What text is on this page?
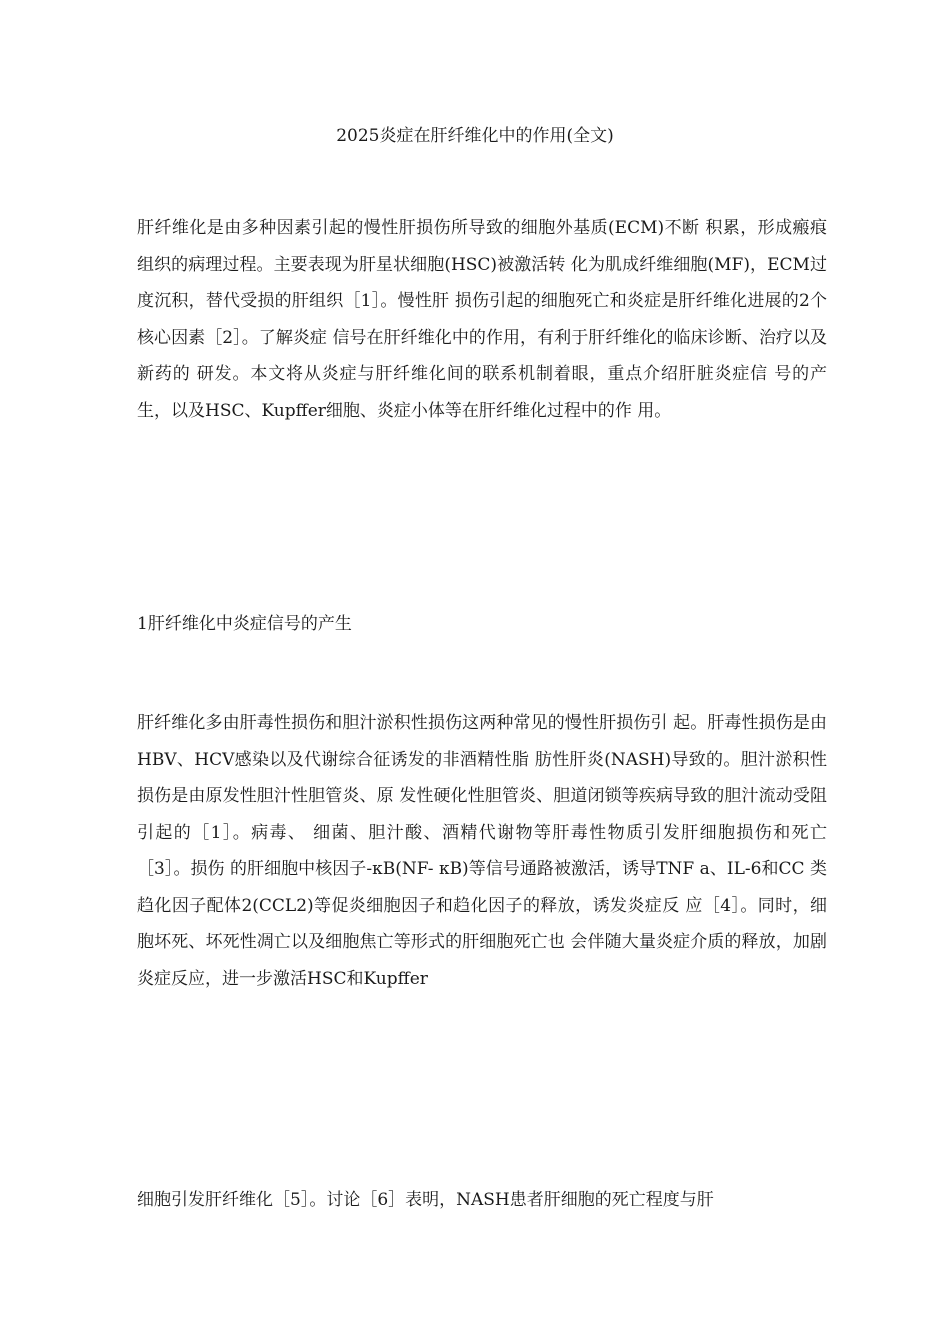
2025炎症在肝纤维化中的作用(全文)

肝纤维化是由多种因素引起的慢性肝损伤所导致的细胞外基质(ECM)不断 积累，形成瘢痕组织的病理过程。主要表现为肝星状细胞(HSC)被激活转 化为肌成纤维细胞(MF)，ECM过度沉积，替代受损的肝组织［1］。慢性肝 损伤引起的细胞死亡和炎症是肝纤维化进展的2个核心因素［2］。了解炎症 信号在肝纤维化中的作用，有利于肝纤维化的临床诊断、治疗以及新药的 研发。本文将从炎症与肝纤维化间的联系机制着眼，重点介绍肝脏炎症信 号的产生，以及HSC、Kupffer细胞、炎症小体等在肝纤维化过程中的作 用。

1肝纤维化中炎症信号的产生

肝纤维化多由肝毒性损伤和胆汁淤积性损伤这两种常见的慢性肝损伤引 起。肝毒性损伤是由HBV、HCV感染以及代谢综合征诱发的非酒精性脂 肪性肝炎(NASH)导致的。胆汁淤积性损伤是由原发性胆汁性胆管炎、原 发性硬化性胆管炎、胆道闭锁等疾病导致的胆汁流动受阻引起的［1］。病毒、 细菌、胆汁酸、酒精代谢物等肝毒性物质引发肝细胞损伤和死亡［3］。损伤 的肝细胞中核因子-κB(NF- κB)等信号通路被激活，诱导TNF a、IL-6和CC 类趋化因子配体2(CCL2)等促炎细胞因子和趋化因子的释放，诱发炎症反 应［4］。同时，细胞坏死、坏死性凋亡以及细胞焦亡等形式的肝细胞死亡也 会伴随大量炎症介质的释放，加剧炎症反应，进一步激活HSC和Kupffer

细胞引发肝纤维化［5］。讨论［6］表明，NASH患者肝细胞的死亡程度与肝
